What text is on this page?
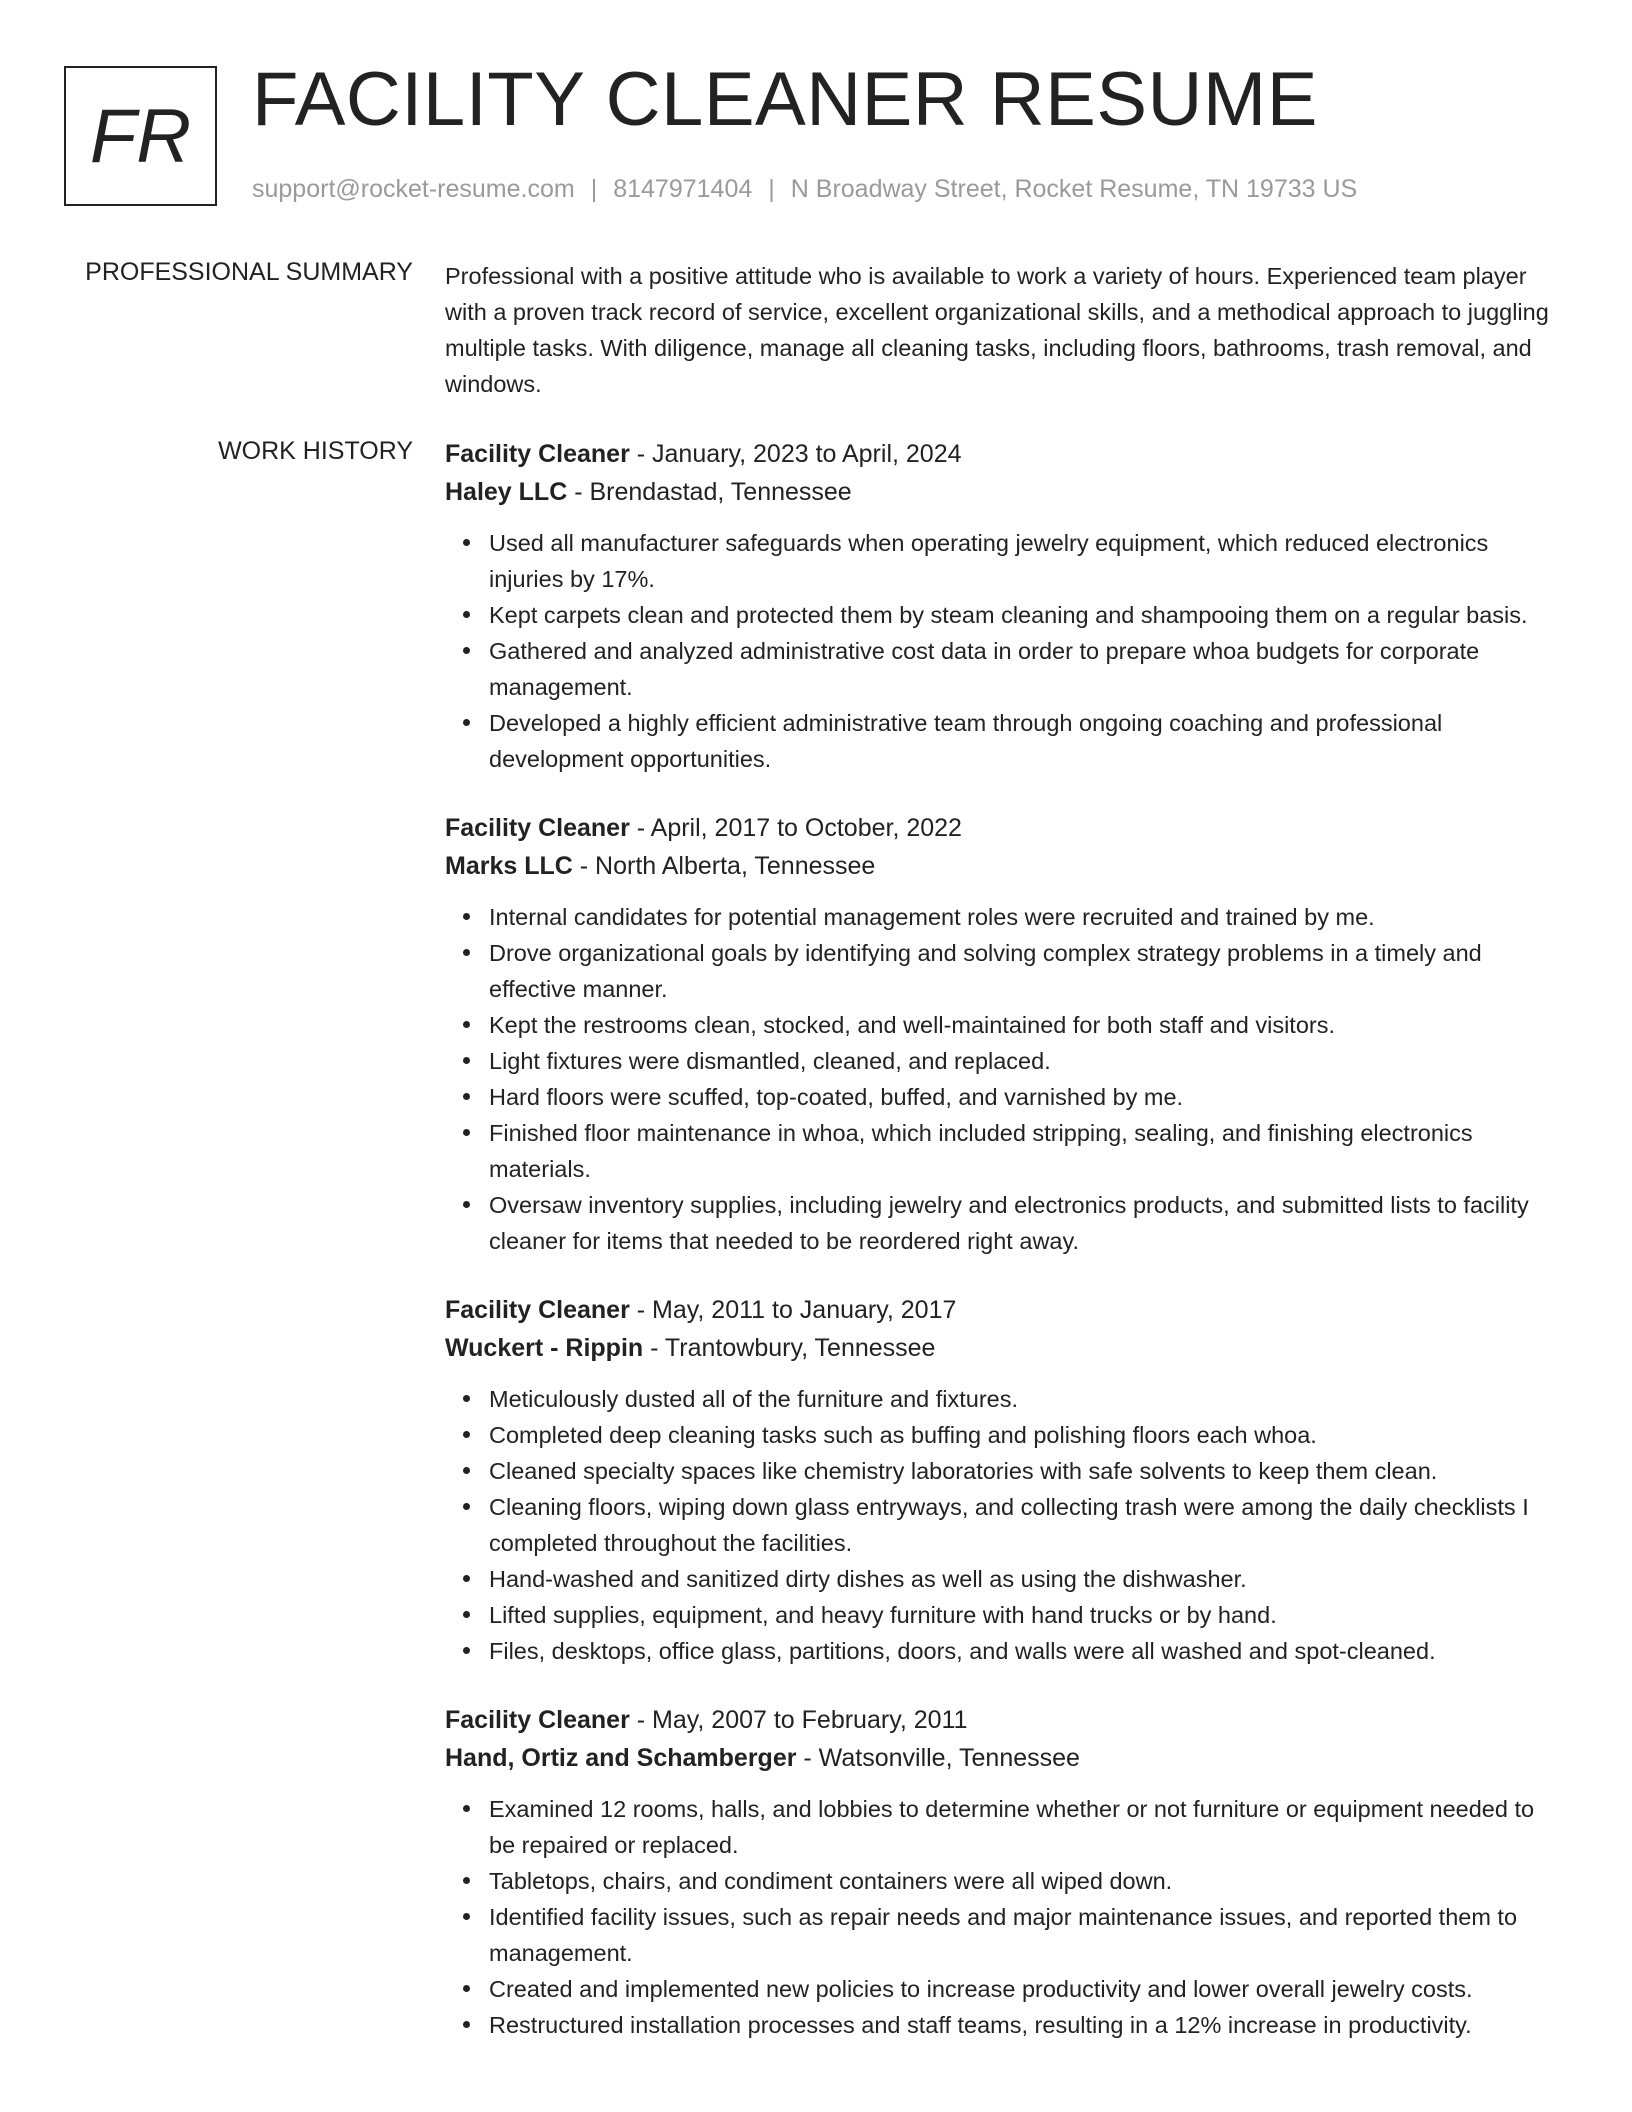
FR FACILITY CLEANER RESUME
support@rocket-resume.com | 8147971404 | N Broadway Street, Rocket Resume, TN 19733 US
PROFESSIONAL SUMMARY Professional with a positive attitude who is available to work a variety of hours. Experienced team player with a proven track record of service, excellent organizational skills, and a methodical approach to juggling multiple tasks. With diligence, manage all cleaning tasks, including floors, bathrooms, trash removal, and windows.
WORK HISTORY Facility Cleaner - January, 2023 to April, 2024
Haley LLC - Brendastad, Tennessee
Used all manufacturer safeguards when operating jewelry equipment, which reduced electronics injuries by 17%.
Kept carpets clean and protected them by steam cleaning and shampooing them on a regular basis.
Gathered and analyzed administrative cost data in order to prepare whoa budgets for corporate management.
Developed a highly efficient administrative team through ongoing coaching and professional development opportunities.
Facility Cleaner - April, 2017 to October, 2022
Marks LLC - North Alberta, Tennessee
Internal candidates for potential management roles were recruited and trained by me.
Drove organizational goals by identifying and solving complex strategy problems in a timely and effective manner.
Kept the restrooms clean, stocked, and well-maintained for both staff and visitors.
Light fixtures were dismantled, cleaned, and replaced.
Hard floors were scuffed, top-coated, buffed, and varnished by me.
Finished floor maintenance in whoa, which included stripping, sealing, and finishing electronics materials.
Oversaw inventory supplies, including jewelry and electronics products, and submitted lists to facility cleaner for items that needed to be reordered right away.
Facility Cleaner - May, 2011 to January, 2017
Wuckert - Rippin - Trantowbury, Tennessee
Meticulously dusted all of the furniture and fixtures.
Completed deep cleaning tasks such as buffing and polishing floors each whoa.
Cleaned specialty spaces like chemistry laboratories with safe solvents to keep them clean.
Cleaning floors, wiping down glass entryways, and collecting trash were among the daily checklists I completed throughout the facilities.
Hand-washed and sanitized dirty dishes as well as using the dishwasher.
Lifted supplies, equipment, and heavy furniture with hand trucks or by hand.
Files, desktops, office glass, partitions, doors, and walls were all washed and spot-cleaned.
Facility Cleaner - May, 2007 to February, 2011
Hand, Ortiz and Schamberger - Watsonville, Tennessee
Examined 12 rooms, halls, and lobbies to determine whether or not furniture or equipment needed to be repaired or replaced.
Tabletops, chairs, and condiment containers were all wiped down.
Identified facility issues, such as repair needs and major maintenance issues, and reported them to management.
Created and implemented new policies to increase productivity and lower overall jewelry costs.
Restructured installation processes and staff teams, resulting in a 12% increase in productivity.
